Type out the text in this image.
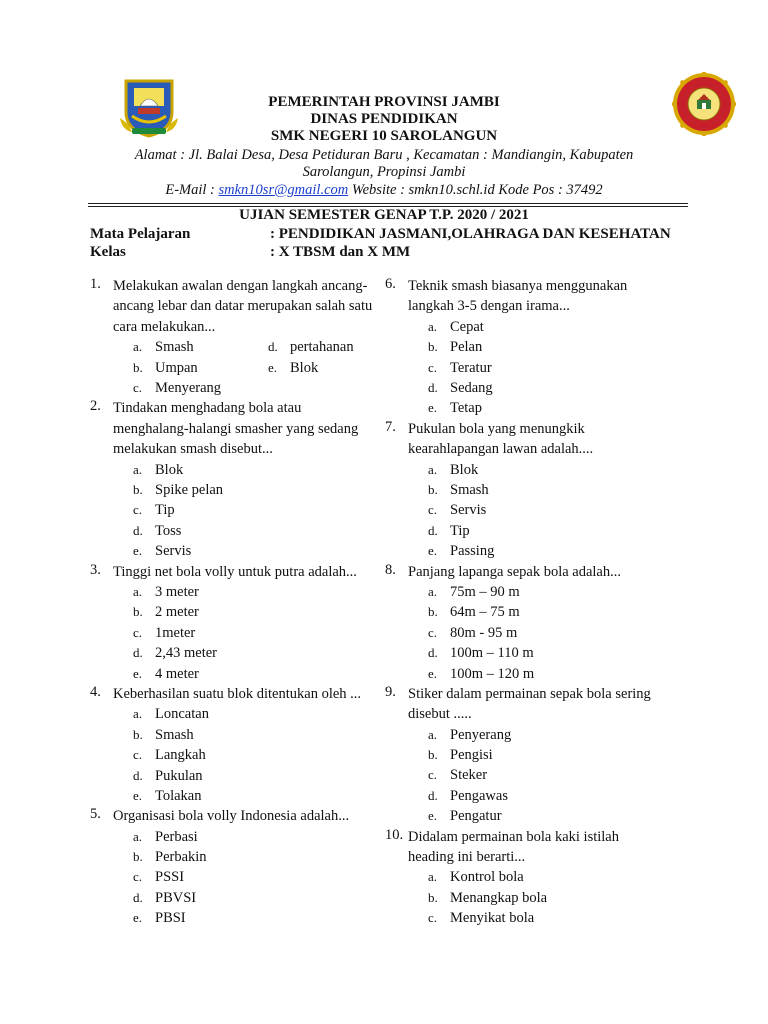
PEMERINTAH PROVINSI JAMBI
DINAS PENDIDIKAN
SMK NEGERI 10 SAROLANGUN
Alamat : Jl. Balai Desa, Desa Petiduran Baru , Kecamatan : Mandiangin, Kabupaten
Sarolangun, Propinsi Jambi
E-Mail : smkn10sr@gmail.com Website : smkn10.schl.id Kode Pos : 37492
UJIAN SEMESTER GENAP T.P. 2020 / 2021
Mata Pelajaran	: PENDIDIKAN JASMANI,OLAHRAGA DAN KESEHATAN
Kelas	: X TBSM dan X MM
1. Melakukan awalan dengan langkah ancang-
ancang lebar dan datar merupakan salah satu
cara melakukan...
a. Smash	d. pertahanan
b. Umpan	e. Blok
c. Menyerang
2. Tindakan menghadang bola atau
menghalang-halangi smasher yang sedang
melakukan smash disebut...
a. Blok
b. Spike pelan
c. Tip
d. Toss
e. Servis
3. Tinggi net bola volly untuk putra adalah...
a. 3 meter
b. 2 meter
c. 1meter
d. 2,43 meter
e. 4 meter
4. Keberhasilan suatu blok ditentukan oleh ...
a. Loncatan
b. Smash
c. Langkah
d. Pukulan
e. Tolakan
5. Organisasi bola volly Indonesia adalah...
a. Perbasi
b. Perbakin
c. PSSI
d. PBVSI
e. PBSI
6. Teknik smash biasanya menggunakan
langkah 3-5 dengan irama...
a. Cepat
b. Pelan
c. Teratur
d. Sedang
e. Tetap
7. Pukulan bola yang menungkik
kearahlapangan lawan adalah....
a. Blok
b. Smash
c. Servis
d. Tip
e. Passing
8. Panjang lapanga sepak bola adalah...
a. 75m – 90 m
b. 64m – 75 m
c. 80m - 95 m
d. 100m – 110 m
e. 100m – 120 m
9. Stiker dalam permainan sepak bola sering
disebut .....
a. Penyerang
b. Pengisi
c. Steker
d. Pengawas
e. Pengatur
10. Didalam permainan bola kaki istilah
heading ini berarti...
a. Kontrol bola
b. Menangkap bola
c. Menyikat bola
